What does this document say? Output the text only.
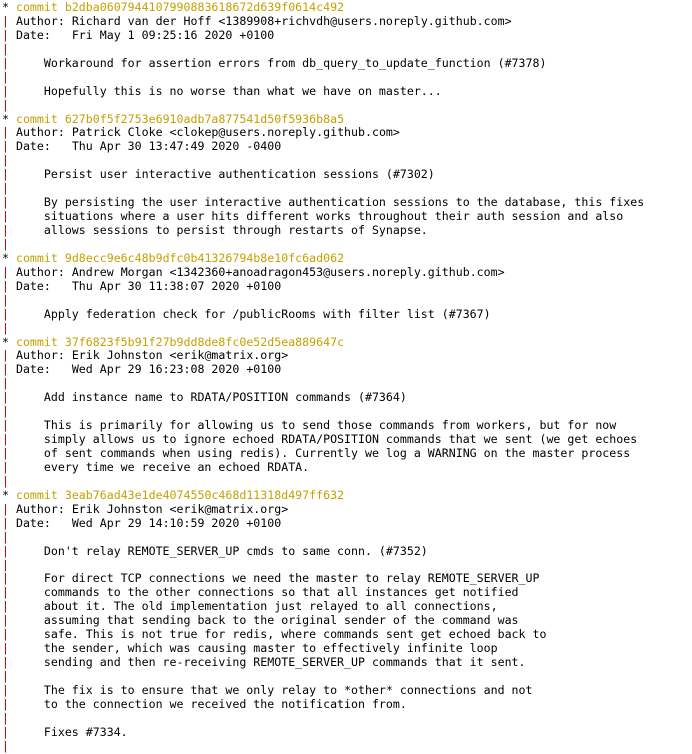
* commit b2dba0607944107990883618672d639f0614c492
| Author: Richard van der Hoff <1389908+richvdh@users.noreply.github.com>
| Date: Fri May 1 09:25:16 2020 +0100
|
|	Workaround for assertion errors from db_query_to_update_function (#7378)
|
|	Hopefully this is no worse than what we have on master...
|
* commit 627b0f5f2753e6910adb7a877541d50f5936b8a5
| Author: Patrick Cloke <clokep@users.noreply.github.com>
| Date: Thu Apr 30 13:47:49 2020 -0400
|
|	Persist user interactive authentication sessions (#7302)
|
|	By persisting the user interactive authentication sessions to the database, this fixes
|	situations where a user hits different works throughout their auth session and also
|	allows sessions to persist through restarts of Synapse.
|
* commit 9d8ecc9e6c48b9dfc0b41326794b8e10fc6ad062
| Author: Andrew Morgan <1342360+anoadragon453@users.noreply.github.com>
| Date: Thu Apr 30 11:38:07 2020 +0100
|
|	Apply federation check for /publicRooms with filter list (#7367)
|
* commit 37f6823f5b91f27b9dd8de8fc0e52d5ea889647c
| Author: Erik Johnston <erik@matrix.org>
| Date: Wed Apr 29 16:23:08 2020 +0100
|
|	Add instance name to RDATA/POSITION commands (#7364)
|
|	This is primarily for allowing us to send those commands from workers, but for now
|	simply allows us to ignore echoed RDATA/POSITION commands that we sent (we get echoes
|	of sent commands when using redis). Currently we log a WARNING on the master process
|	every time we receive an echoed RDATA.
|
* commit 3eab76ad43e1de4074550c468d11318d497ff632
| Author: Erik Johnston <erik@matrix.org>
| Date: Wed Apr 29 14:10:59 2020 +0100
|
|	Don't relay REMOTE_SERVER_UP cmds to same conn. (#7352)
|
|	For direct TCP connections we need the master to relay REMOTE_SERVER_UP
|	commands to the other connections so that all instances get notified
|	about it. The old implementation just relayed to all connections,
|	assuming that sending back to the original sender of the command was
|	safe. This is not true for redis, where commands sent get echoed back to
|	the sender, which was causing master to effectively infinite loop
|	sending and then re-receiving REMOTE_SERVER_UP commands that it sent.
|
|	The fix is to ensure that we only relay to *other* connections and not
|	to the connection we received the notification from.
|
|	Fixes #7334.
|
